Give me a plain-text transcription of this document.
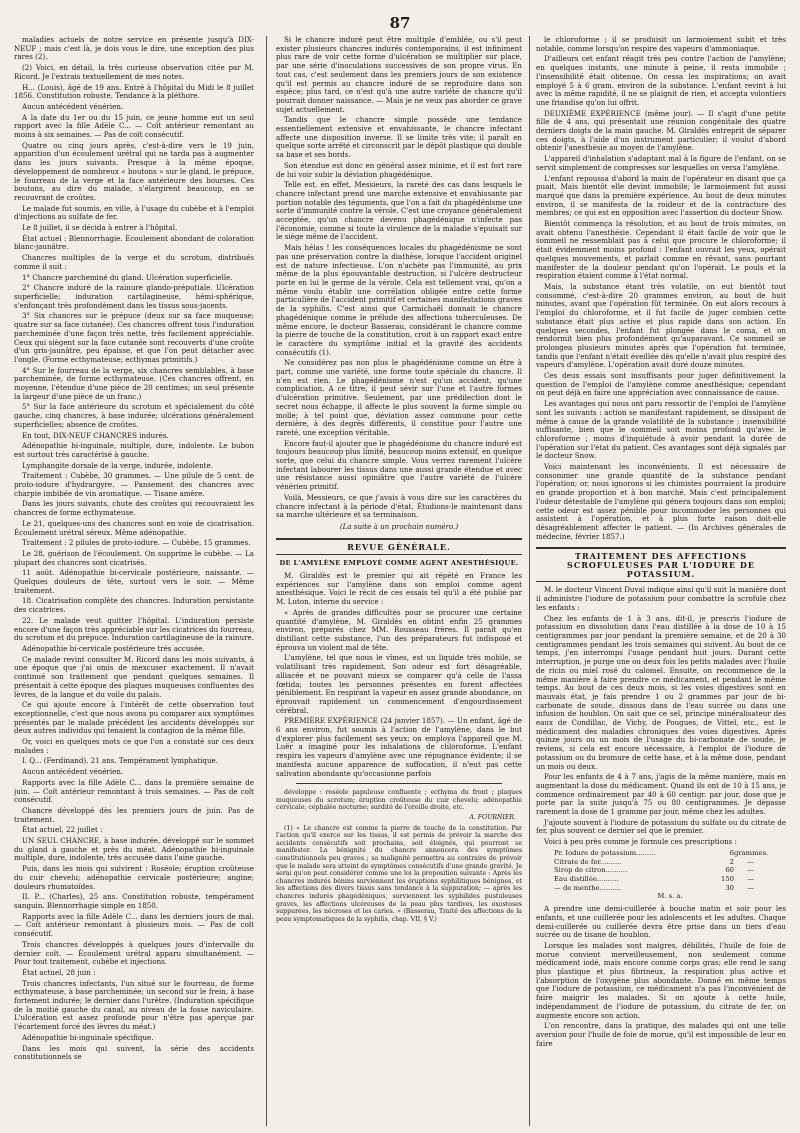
87

maladies actuels de notre service en présente jusqu'à DIX-NEUF ; mais c'est là, je dois vous le dire, une exception des plus rares (2).

(2) Voici, en détail, la très curieuse observation citée par M. Ricord. Je l'extrais textuellement de mes notes.

H... (Louis), âgé de 19 ans. Entré à l'hôpital du Midi le 8 juillet 1856. Constitution robuste. Tendance à la pléthore.

Aucun antécédent vénérien.

A la date du 1er ou du 15 juin, ce jeune homme eut un seul rapport avec la fille Adèle C... — Coït antérieur remontant au moins à six semaines. — Pas de coït consécutif.

Quatre ou cinq jours après, c'est-à-dire vers le 19 juin, apparition d'un écoulement urétral qui ne tarda pas à augmenter dans les jours suivants. Presque à la même époque, développement de nombreux « boutons » sur le gland, le prépuce, le fourreau de la verge et la face antérieure des bourses. Ces boutons, au dire du malade, s'élargirent beaucoup, en se recouvrant de croûtes.

Le malade fut soumis, en ville, à l'usage du cubèbe et à l'emploi d'injections au sulfate de fer.

Le 8 juillet, il se décida à entrer à l'hôpital.

État actuel : Blennorrhagie. Écoulement abondant de coloration blanc-jaunâtre.

Chancres multiples de la verge et du scrotum, distribués comme il suit :

1° Chancre parcheminé du gland. Ulcération superficielle.

2° Chancre induré de la rainure glando-préputiale. Ulcération superficielle; induration cartilagineuse, hémi-sphérique, s'enfonçant très profondément dans les tissus sous-jacents.

3° Six chancres sur le prépuce (deux sur sa face muqueuse; quatre sur sa face cutanée). Ces chancres offrent tous l'induration parcheminée d'une façon très nette, très facilement appréciable. Ceux qui siègent sur la face cutanée sont recouverts d'une croûte d'un gris-jaunâtre, peu épaisse, et que l'on peut détacher avec l'ongle. (Forme ecthymateuse; ecthymas primitifs.)

4° Sur le fourreau de la verge, six chancres semblables, à base parcheminée, de forme ecthymateuse. (Ces chancres offrent, en moyenne, l'étendue d'une pièce de 20 centimes; un seul présente la largeur d'une pièce de un franc.)

5° Sur la face antérieure du scrotum et spécialement du côté gauche, cinq chancres, à base indurée; ulcérations généralement superficielles; absence de croûtes.

En tout, DIX-NEUF CHANCRES indurés.

Adénopathie bi-inguinale, multiple, dure, indolente. Le bubon est surtout très caractérisé à gauche.

Lymphangite dorsale de la verge, indurée, indolente.

Traitement : Cubèbe, 30 grammes. — Une pilule de 5 cent. de proto-iodure d'hydrargyre. — Pansement des chancres avec charpie imbibée de vin aromatique. — Tisane amère.

Dans les jours suivants, chute des croûtes qui recouvraient les chancres de forme ecthymateuse.

Le 21, quelques-uns des chancres sont en voie de cicatrisation. Écoulement urétral séreux. Même adénopathie.

Traitement : 2 pilules de proto-iodure. — Cubèbe, 15 grammes.

Le 28, guérison de l'écoulement. On supprime le cubèbe. — La plupart des chancres sont cicatrisés.

11 août. Adénopathie bi-cervicale postérieure, naissante. — Quelques douleurs de tête, surtout vers le soir. — Même traitement.

18. Cicatrisation complète des chancres. Induration persistante des cicatrices.

22. Le malade veut quitter l'hôpital. L'induration persiste encore d'une façon très appréciable sur les cicatrices du fourreau, du scrotum et du prépuce. Induration cartilagineuse de la rainure.

Adénopathie bi-cervicale postérieure très accusée.

Ce malade revint consulter M. Ricord dans les mois suivants, à une époque que j'ai omis de mexcuser exactement. Il n'avait continué son traitement que pendant quelques semaines. Il présentait à cette époque des plaques muqueuses confluentes des lèvres, de la langue et du voile du palais.

Ce qui ajoute encore à l'intérêt de cette observation tout exceptionnelle, c'est que nous avons pu comparer aux symptômes présentés par le malade précédent les accidents développés sur deux autres individus qui tenaient la contagion de la même fille.

Or, voici en quelques mots ce que l'on a constaté sur ces deux malades :

I. Q... (Ferdinand), 21 ans. Tempérament lymphatique.

Aucun antécédent vénérien.

Rapports avec la fille Adèle C... dans la première semaine de juin. — Coït antérieur remontant à trois semaines. — Pas de coït consécutif.

Chancre développé dès les premiers jours de juin. Pas de traitement.

État actuel, 22 juillet :

UN SEUL CHANCRE, à base indurée, développé sur le sommet du gland à gauche et près du méat. Adénopathie bi-inguinale multiple, dure, indolente, très accusée dans l'aine gauche.

Puis, dans les mois qui suivirent : Roséole; éruption croûteuse du cuir chevelu; adénopathie cervicale postérieure; angine; douleurs rhumatoïdes.

II. P... (Charles), 25 ans. Constitution robuste, tempérament sanguin. Blennorrhagie simple en 1850.

Rapports avec la fille Adèle C... dans les derniers jours de mai. — Coït antérieur remontant à plusieurs mois. — Pas de coït consécutif.

Trois chancres développés à quelques jours d'intervalle du dernier coït. — Écoulement urétral apparu simultanément. — Pour tout traitement, cubèbe et injections.

État actuel, 28 juin :

Trois chancres infectants, l'un situé sur le fourreau, de forme ecthymateuse, à base parcheminée; un second sur le frein, à base fortement indurée; le dernier dans l'urètre. (Induration spécifique de la moitié gauche du canal, au niveau de la fosse naviculaire. L'ulcération est assez profonde pour n'être pas aperçue par l'écartement forcé des lèvres du méat.)

Adénopathie bi-inguinale spécifique.

Dans les mois qui suivent, la série des accidents constitutionnels se

Si le chancre induré peut être multiple d'emblée, ou s'il peut exister plusieurs chancres indurés contemporains, il est infiniment plus rare de voir cette forme d'ulcération se multiplier sur place, par une série d'inoculations successives de son propre virus. En tout cas, c'est seulement dans les premiers jours de son existence qu'il est permis au chancre induré de se reproduire dans son espèce; plus tard, ce n'est qu'à une autre variété de chancre qu'il pourrait donner naissance. — Mais je ne veux pas aborder ce grave sujet actuellement.

Tandis que le chancre simple possède une tendance essentiellement extensive et envahissante, le chancre infectant affecte une disposition inverse. Il se limite très vite; il paraît en quelque sorte arrêté et circonscrit par le dépôt plastique qui double sa base et ses bords.

Son étendue est donc en général assez minime, et il est fort rare de lui voir subir la déviation phagédénique.

Telle est, en effet, Messieurs, la rareté des cas dans lesquels le chancre infectant prend une marche extensive et envahissante par portion notable des téguments, que l'on a fait du phagédénisme une sorte d'immunité contre la vérole. C'est une croyance généralement acceptée, qu'un chancre devenu phagédénique n'infecte pas l'économie, comme si toute la virulence de la maladie s'épuisait sur le siège même de l'accident.

Mais hélas ! les conséquences locales du phagédénisme ne sont pas une préservation contre la diathèse, lorsque l'accident originel est de nature infectieuse. L'on n'achète pas l'immunité, au prix même de la plus épouvantable destruction, si l'ulcère destructeur porte en lui le germe de la vérole. Cela est tellement vrai, qu'on a même voulu établir une corrélation obligée entre cette forme particulière de l'accident primitif et certaines manifestations graves de la syphilis. C'est ainsi que Carmichaël donnait le chancre phagédénique comme le prélude des affections tuberculeuses. De même encore, le docteur Basserau, considérant le chancre comme la pierre de touche de la constitution, croit à un rapport exact entre le caractère du symptôme initial et la gravité des accidents consécutifs (1).

Ne considérez pas non plus le phagédénisme comme un être à part, comme une variété, une forme toute spéciale du chancre. Il n'en est rien. Le phagédénisme n'est qu'un accident, qu'une complication. A ce titre, il peut sévir sur l'une et l'autre formes d'ulcération primitive. Seulement, par une prédilection dont le secret nous échappe, il affecte le plus souvent la forme simple ou molle; à tel point que, déviation assez commune pour cette dernière, à des degrés différents, il constitue pour l'autre une rareté, une exception véritable.

Encore faut-il ajouter que le phagédénisme du chancre induré est toujours beaucoup plus limité, beaucoup moins extensif, en quelque sorte, que celui du chancre simple. Vous verrez rarement l'ulcère infectant labourer les tissus dans une aussi grande étendue et avec une résistance aussi opiniâtre que l'autre variété de l'ulcère vénérien primitif.

Voilà, Messieurs, ce que j'avais à vous dire sur les caractères du chancre infectant à la période d'état. Étudions-le maintenant dans sa marche ultérieure et sa terminaison.

(La suite à un prochain numéro.)
REVUE GÉNÉRALE.
DE L'AMYLÈNE EMPLOYÉ COMME AGENT ANESTHÉSIQUE.

M. Giraldès est le premier qui ait répété en France les expériences sur l'amylène dans son emploi comme agent anesthésique. Voici le récit de ces essais tel qu'il a été publié par M. Luton, interne du service :

« Après de grandes difficultés pour se procurer une certaine quantité d'amylène, M. Giraldès en obtint enfin 25 grammes environ, préparés chez MM. Rousseau frères. Il paraît qu'en distillant cette substance, l'un des préparateurs fut indisposé et éprouva un violent mal de tête.

L'amylène, tel que nous le vîmes, est un liquide très mobile, se volatilisant très rapidement. Son odeur est fort désagréable, alliacée et ne pouvant mieux se comparer qu'à celle de l'assa fœtida; toutes les personnes présentes en furent affectées péniblement. En respirant la vapeur en assez grande abondance, on éprouvait rapidement un commencement d'engourdissement cérébral.

PREMIÈRE EXPÉRIENCE (24 janvier 1857). — Un enfant, âgé de 6 ans environ, fut soumis à l'action de l'amylène, dans le but d'explorer plus facilement ses yeux; on employa l'appareil que M. Luër a imaginé pour les inhalations de chloroforme. L'enfant respira les vapeurs d'amylène avec une répugnance évidente; il se manifesta aucune apparence de suffocation, il n'eut pas cette salivation abondante qu'occasionne parfois

développe : roséole papuleuse confluente ; ecthyma du front ; plaques muqueuses du scrotum; éruption croûteuse du cuir chevelu; adénopathie cervicale; céphalée nocturne; surdité de l'oreille droite, etc.

A. FOURNIER.

(1) « Le chancre est comme la pierre de touche de la constitution. Par l'action qu'il exerce sur les tissus, il est permis de prévoir la marche des accidents consécutifs soit prochains, soit éloignés, qui pourront se manifester. La bénignité du chancre annoncera des symptômes constitutionnels peu graves ; sa malignité permettra au contraire de prévoir que le malade sera atteint de symptômes consécutifs d'une grande gravité. Je serai qu'on peut considérer comme une loi la proposition suivante : Après les chancres indurés bénins surviennent les éruptions syphilitiques bénignes, et les affections des divers tissus sans tendance à la suppuration; — après les chancres indurés phagédéniques, surviennent les syphilides pustuleuses graves, les affections ulcéreuses de la peau plus tardives, les exostoses suppurées, les nécroses et les caries. » (Basserau, Traité des affections de la peau symptomatiques de la syphilis, chap. VII, § V.)

le chloroforme ; il se produisit un larmoiement subit et très notable, comme lorsqu'on respire des vapeurs d'ammoniaque.

D'ailleurs cet enfant réagit très peu contre l'action de l'amylène; en quelques instants, une minute à peine, il resta immobile ; l'insensibilité était obtenue. On cessa les inspirations; on avait employé 5 à 6 gram. environ de la substance. L'enfant revint à lui avec la même rapidité, il ne se plaignit de rien, et accepta volontiers une friandise qu'on lui offrit.

DEUXIÈME EXPÉRIENCE (même jour). — Il s'agit d'une petite fille de 4 ans, qui présentait une réunion congénitale des quatre derniers doigts de la main gauche. M. Giraldès entreprit de séparer ces doigts, à l'aide d'un instrument particulier; il voulut d'abord obtenir l'anesthésie au moyen de l'amylène.

L'appareil d'inhalation s'adaptant mal à la figure de l'enfant, on se servit simplement de compresses sur lesquelles on versa l'amylène.

L'enfant repoussa d'abord la main de l'opérateur en disant que ça puait. Mais bientôt elle devint immobile; le larmoiement fut aussi marqué que dans la première expérience. Au bout de deux minutes environ, il se manifesta de la roideur et de la contracture des membres; ce qui est en opposition avec l'assertion du docteur Snow.

Bientôt commença la résolution, et au bout de trois minutes, on avait obtenu l'anesthésie. Cependant il était facile de voir que le sommeil ne ressemblait pas à celui que procure le chloroforme; il était évidemment moins profond : l'enfant ouvrait les yeux, opérait quelques mouvements, et parlait comme en rêvant, sans pourtant manifester de la douleur pendant qu'on l'opérait. Le pouls et la respiration étaient comme à l'état normal.

Mais, la substance étant très volatile, on eut bientôt tout consommé, c'est-à-dire 20 grammes environ, au bout de huit minutes, avant que l'opération fût terminée. On eut alors recours à l'emploi du chloroforme, et il fut facile de juger combien cette substance était plus active et plus rapide dans son action. En quelques secondes, l'enfant fut plongée dans le coma, et on rendormit bien plus profondément qu'auparavant. Ce sommeil se prolongea plusieurs minutes après que l'opération fut terminée, tandis que l'enfant n'était éveillée dès qu'elle n'avait plus respiré des vapeurs d'amylène. L'opération avait duré douze minutes.

Ces deux essais sont insuffisants pour juger définitivement la question de l'emploi de l'amylène comme anesthésique; cependant on peut déjà en faire une appréciation avec connaissance de cause.

Les avantages qui nous ont paru ressortir de l'emploi de l'amylène sont les suivants : action se manifestant rapidement, se dissipant de même à cause de la grande volatilité de la substance ; insensibilité suffisante, bien que le sommeil soit moins profond qu'avec le chloroforme ; moins d'inquiétude à avoir pendant la durée de l'opération sur l'état du patient. Ces avantages sont déjà signalés par le docteur Snow.

Voici maintenant les inconvénients. Il est nécessaire de consommer une grande quantité de la substance pendant l'opération; or, nous ignorons si les chimistes pourraient la produire en grande proportion et à bon marché. Mais c'est principalement l'odeur détestable de l'amylène qui génera toujours dans son emploi; cette odeur est assez pénible pour incommoder les personnes qui assistent à l'opération, et à plus forte raison doit-elle désagréablement affecter le patient. — (In Archives générales de médecine, février 1857.)

TRAITEMENT DES AFFECTIONS SCROFULEUSES PAR L'IODURE DE POTASSIUM.

M. le docteur Vincent Duval indique ainsi qu'il suit la manière dont il administre l'iodure de potassium pour combattre la scrofule chez les enfants :

Chez les enfants de 1 à 3 ans, dit-il, je prescris l'iodure de potassium en dissolution dans l'eau distillée à la dose de 10 à 15 centigrammes par jour pendant la première semaine, et de 20 à 30 centigrammes pendant les trois semaines qui suivent. Au bout de ce temps, j'en interromps l'usage pendant huit jours. Durant cette interruption, je purge une ou deux fois les petits malades avec l'huile de ricin ou miel rosé du calomel. Ensuite, on recommence de la même manière à faire prendre ce médicament, et pendant le même temps. Au bout de ces deux mois, si les voies digestives sont en mauvais état, je fais prendre 1 ou 2 grammes par jour de bi-carbonate de soude, dissous dans de l'eau sucrée ou dans une infusion de houblon. On sait que ce sel, principe minéralisateur des eaux de Condillac, de Vichy, de Pougues, de Vittel, etc., est le médicament des maladies chroniques des voies digestives. Après quinze jours ou un mois de l'usage du bi-carbonate de soude, je reviens, si cela est encore nécessaire, à l'emploi de l'iodure de potassium ou du bromure de cette base, et à la même dose, pendant un mois ou deux.

Pour les enfants de 4 à 7 ans, j'agis de la même manière, mais en augmentant la dose du médicament. Quand ils ont de 10 à 15 ans, je commence ordinairement par 40 à 60 centigr. par jour, dose que je porte par la suite jusqu'à 75 ou 80 centigrammes. Je dépasse rarement la dose de 1 gramme par jour, même chez les adultes.

J'ajoute souvent à l'iodure de potassium du sulfate ou du citrate de fer, plus souvent ce dernier sel que le premier.

Voici à peu près comme je formule ces prescriptions :

Pr. Iodure de potassium.........	6 grammes.
Citrate de fer..........	2	—
Sirop de citron..........	60	—
Eau distillée..........	150	—
— de menthe..........	30	—
M. s. a.

A prendre une demi-cuillerée à bouche matin et soir pour les enfants, et une cuillerée pour les adolescents et les adultes. Chaque demi-cuillerée ou cuillerée devra être prise dans un tiers d'eau sucrée ou de tisane de houblon.

Lorsque les malades sont maigres, débilités, l'huile de foie de morue convient merveilleusement, non seulement comme médicament iodé, mais encore comme corps gras; elle rend le sang plus plastique et plus fibrineux, la respiration plus active et l'absorption de l'oxygène plus abondante. Donné en même temps que l'iodure de potassium, ce médicament n'a pas l'inconvénient de faire maigrir les malades. Si on ajoute à cette huile, indépendamment de l'iodure de potassium, du citrate de fer, on augmente encore son action.

L'on rencontre, dans la pratique, des malades qui ont une telle aversion pour l'huile de foie de morue, qu'il est impossible de leur en faire
